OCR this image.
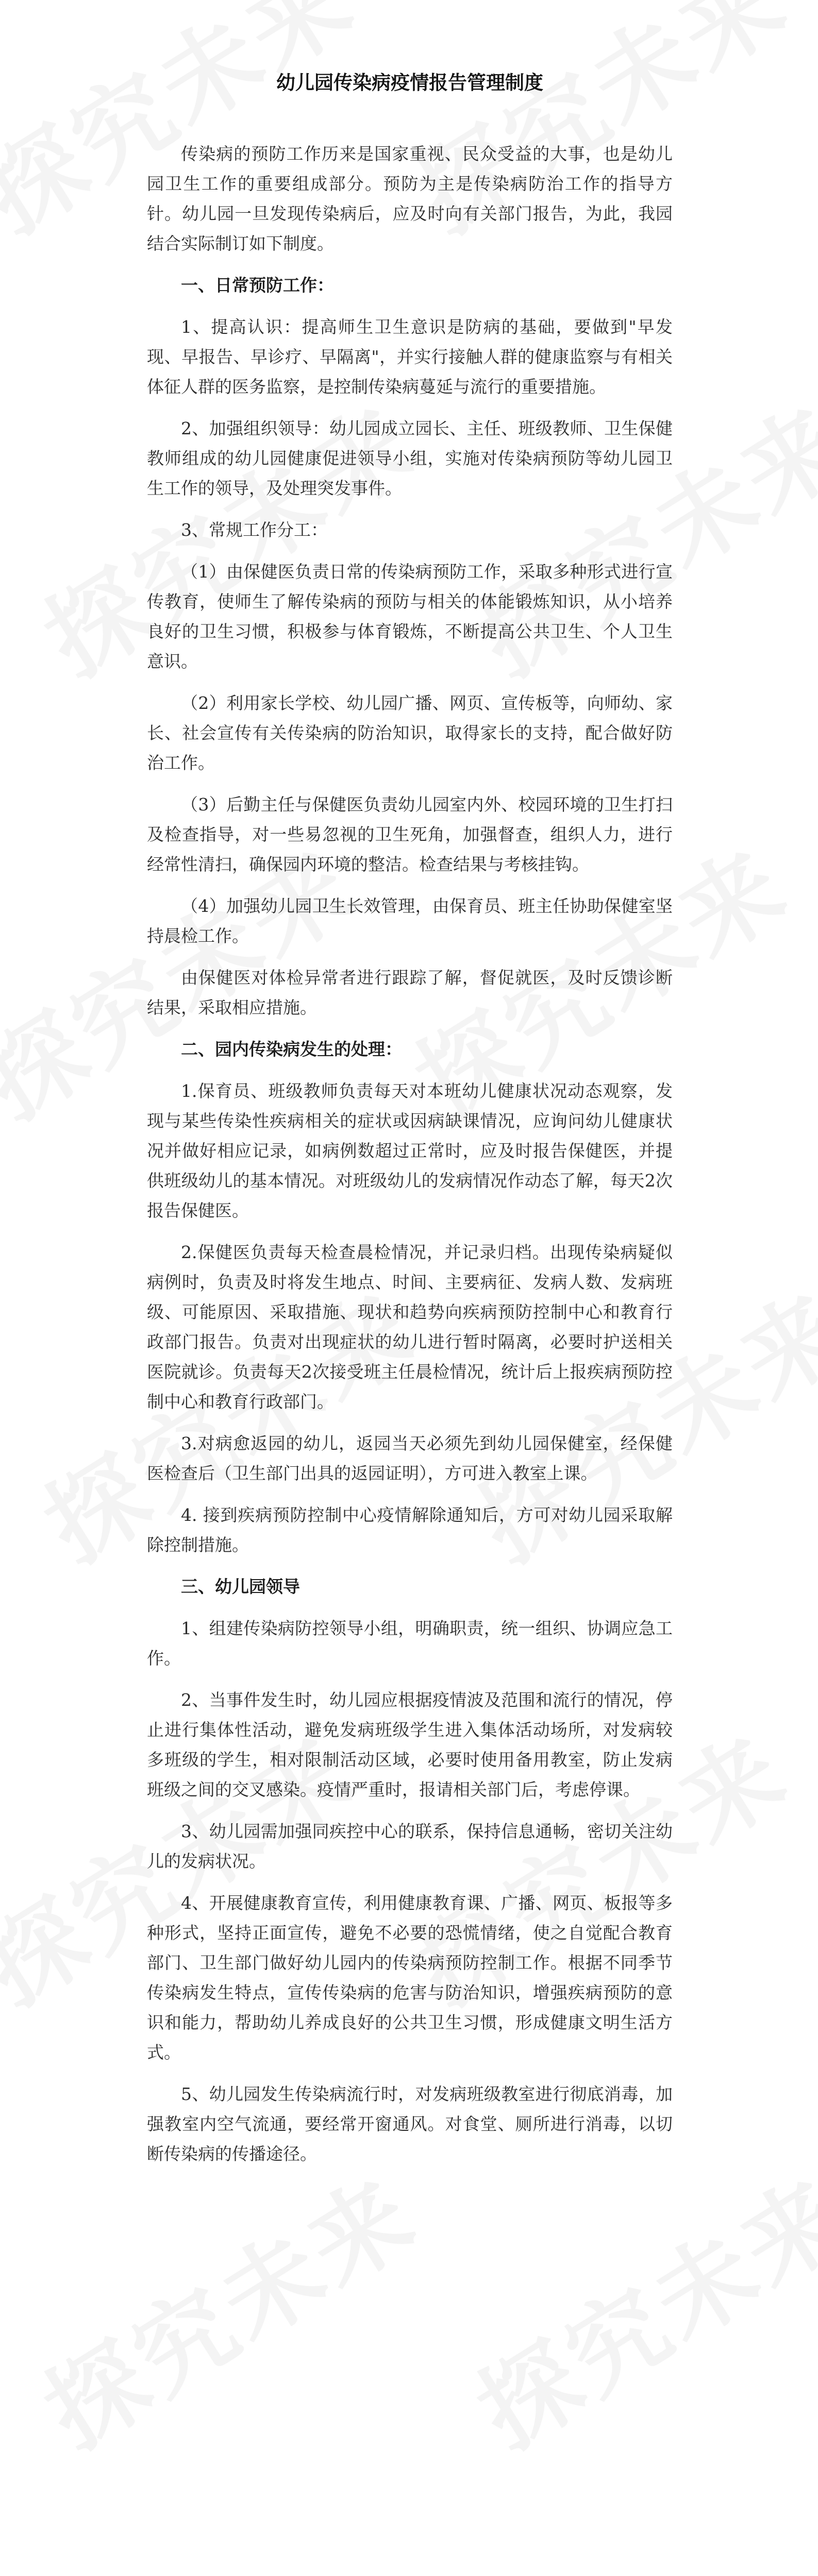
幼儿园传染病疫情报告管理制度

传染病的预防工作历来是国家重视、民众受益的大事，也是幼儿园卫生工作的重要组成部分。预防为主是传染病防治工作的指导方针。幼儿园一旦发现传染病后，应及时向有关部门报告，为此，我园结合实际制订如下制度。

一、日常预防工作：

1、提高认识：提高师生卫生意识是防病的基础，要做到"早发现、早报告、早诊疗、早隔离"，并实行接触人群的健康监察与有相关体征人群的医务监察，是控制传染病蔓延与流行的重要措施。

2、加强组织领导：幼儿园成立园长、主任、班级教师、卫生保健教师组成的幼儿园健康促进领导小组，实施对传染病预防等幼儿园卫生工作的领导，及处理突发事件。

3、常规工作分工：

（1）由保健医负责日常的传染病预防工作，采取多种形式进行宣传教育，使师生了解传染病的预防与相关的体能锻炼知识，从小培养良好的卫生习惯，积极参与体育锻炼，不断提高公共卫生、个人卫生意识。

（2）利用家长学校、幼儿园广播、网页、宣传板等，向师幼、家长、社会宣传有关传染病的防治知识，取得家长的支持，配合做好防治工作。

（3）后勤主任与保健医负责幼儿园室内外、校园环境的卫生打扫及检查指导，对一些易忽视的卫生死角，加强督查，组织人力，进行经常性清扫，确保园内环境的整洁。检查结果与考核挂钩。

（4）加强幼儿园卫生长效管理，由保育员、班主任协助保健室坚持晨检工作。

由保健医对体检异常者进行跟踪了解，督促就医，及时反馈诊断结果，采取相应措施。

二、园内传染病发生的处理：

1.保育员、班级教师负责每天对本班幼儿健康状况动态观察，发现与某些传染性疾病相关的症状或因病缺课情况，应询问幼儿健康状况并做好相应记录，如病例数超过正常时，应及时报告保健医，并提供班级幼儿的基本情况。对班级幼儿的发病情况作动态了解，每天2次报告保健医。

2.保健医负责每天检查晨检情况，并记录归档。出现传染病疑似病例时，负责及时将发生地点、时间、主要病征、发病人数、发病班级、可能原因、采取措施、现状和趋势向疾病预防控制中心和教育行政部门报告。负责对出现症状的幼儿进行暂时隔离，必要时护送相关医院就诊。负责每天2次接受班主任晨检情况，统计后上报疾病预防控制中心和教育行政部门。

3.对病愈返园的幼儿，返园当天必须先到幼儿园保健室，经保健医检查后（卫生部门出具的返园证明），方可进入教室上课。

4. 接到疾病预防控制中心疫情解除通知后，方可对幼儿园采取解除控制措施。

三、幼儿园领导

1、组建传染病防控领导小组，明确职责，统一组织、协调应急工作。

2、当事件发生时，幼儿园应根据疫情波及范围和流行的情况，停止进行集体性活动，避免发病班级学生进入集体活动场所，对发病较多班级的学生，相对限制活动区域，必要时使用备用教室，防止发病班级之间的交叉感染。疫情严重时，报请相关部门后，考虑停课。

3、幼儿园需加强同疾控中心的联系，保持信息通畅，密切关注幼儿的发病状况。

4、开展健康教育宣传，利用健康教育课、广播、网页、板报等多种形式，坚持正面宣传，避免不必要的恐慌情绪，使之自觉配合教育部门、卫生部门做好幼儿园内的传染病预防控制工作。根据不同季节传染病发生特点，宣传传染病的危害与防治知识，增强疾病预防的意识和能力，帮助幼儿养成良好的公共卫生习惯，形成健康文明生活方式。

5、幼儿园发生传染病流行时，对发病班级教室进行彻底消毒，加强教室内空气流通，要经常开窗通风。对食堂、厕所进行消毒，以切断传染病的传播途径。
